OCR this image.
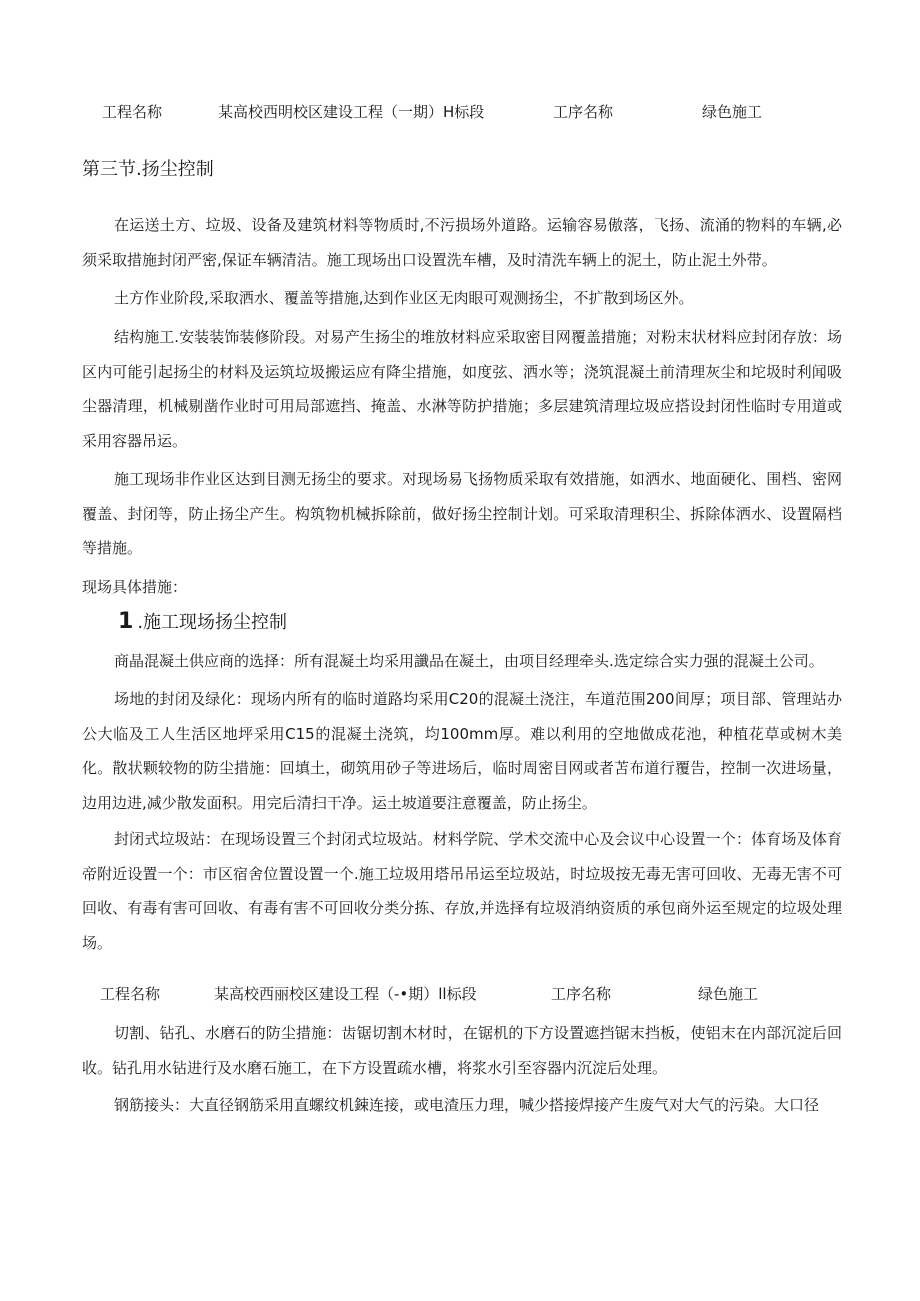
工程名称	某高校西明校区建设工程（一期）H标段	工序名称	绿色施工
第三节.扬尘控制

在运送土方、垃圾、设备及建筑材料等物质时,不污损场外道路。运输容易傲落，飞扬、流涌的物料的车辆,必须采取措施封闭严密,保证车辆清洁。施工现场出口设置洗车槽，及时清洗车辆上的泥土，防止泥土外带。

土方作业阶段,采取洒水、覆盖等措施,达到作业区无肉眼可观测扬尘，不扩散到场区外。

结构施工.安装装饰装修阶段。对易产生扬尘的堆放材料应采取密目网覆盖措施；对粉末状材料应封闭存放：场区内可能引起扬尘的材料及运筑垃圾搬运应有降尘措施，如度弦、洒水等；浇筑混凝土前清理灰尘和坨圾时利闻吸尘器清理，机械剔凿作业时可用局部遮挡、掩盖、水淋等防护措施；多层建筑清理垃圾应搭设封闭性临时专用道或采用容器吊运。

施工现场非作业区达到目测无扬尘的要求。对现场易飞扬物质采取有效措施，如洒水、地面硬化、围档、密网覆盖、封闭等，防止扬尘产生。构筑物机械拆除前，做好扬尘控制计划。可采取清理积尘、拆除体洒水、设置隔档等措施。

现场具体措施：

1 .施工现场扬尘控制

商晶混凝土供应商的选择：所有混凝土均采用讖品在凝土，由项目经理牵头.选定综合实力强的混凝土公司。

场地的封闭及绿化：现场内所有的临时道路均采用C20的混凝土浇注，车道范围200间厚；项目部、管理站办公大临及工人生活区地坪采用C15的混凝土浇筑，均100mm厚。难以利用的空地做成花池，种植花草或树木美化。散状颗较物的防尘措施：回填土，砌筑用砂子等进场后，临时周密目网或者苫布道行覆告，控制一次进场量，边用边进,减少散发面积。用完后清扫干净。运土坡道要注意覆盖，防止扬尘。

封闭式垃圾站：在现场设置三个封闭式垃圾站。材料学院、学术交流中心及会议中心设置一个：体育场及体育帝附近设置一个：市区宿舍位置设置一个.施工垃圾用塔吊吊运至垃圾站，时垃圾按无毒无害可回收、无毒无害不可回收、有毒有害可回收、有毒有害不可回收分类分拣、存放,并选择有垃圾消纳资质的承包商外运至规定的垃圾处理场。

工程名称	某高校西丽校区建设工程（-•期）ll标段	工序名称	绿色施工

切割、钻孔、水磨石的防尘措施：齿锯切割木材时，在锯机的下方设置遮挡锯末挡板，使铝末在内部沉淀后回收。钻孔用水钻进行及水磨石施工，在下方设置疏水槽，将浆水引至容器内沉淀后处理。

钢筋接头：大直径钢筋采用直螺纹机鋉连接，或电渣压力理，喊少搭接焊接产生废气对大气的污染。大口径
